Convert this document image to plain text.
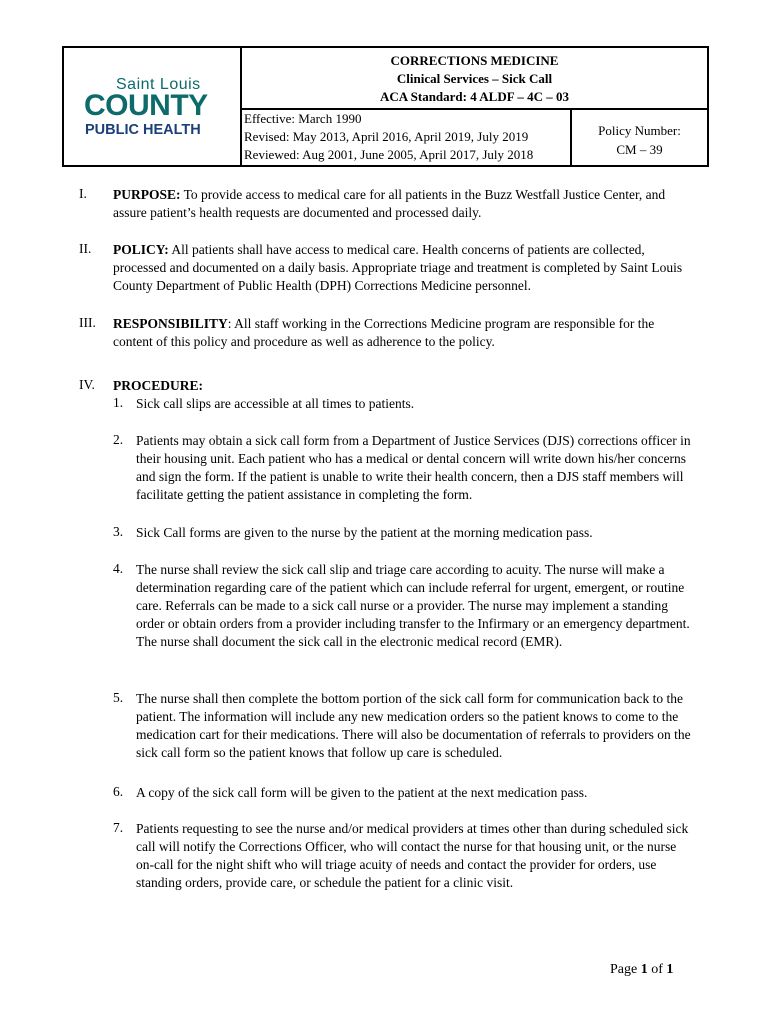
Saint Louis
COUNTY
PUBLIC HEALTH
CORRECTIONS MEDICINE
Clinical Services – Sick Call
ACA Standard: 4 ALDF – 4C – 03
Effective: March 1990
Revised: May 2013, April 2016, April 2019, July 2019
Reviewed: Aug 2001, June 2005, April 2017, July 2018
Policy Number:
CM – 39
I. PURPOSE: To provide access to medical care for all patients in the Buzz Westfall Justice Center, and assure patient’s health requests are documented and processed daily.
II. POLICY: All patients shall have access to medical care. Health concerns of patients are collected, processed and documented on a daily basis. Appropriate triage and treatment is completed by Saint Louis County Department of Public Health (DPH) Corrections Medicine personnel.
III. RESPONSIBILITY: All staff working in the Corrections Medicine program are responsible for the content of this policy and procedure as well as adherence to the policy.
IV. PROCEDURE:
1. Sick call slips are accessible at all times to patients.
2. Patients may obtain a sick call form from a Department of Justice Services (DJS) corrections officer in their housing unit. Each patient who has a medical or dental concern will write down his/her concerns and sign the form. If the patient is unable to write their health concern, then a DJS staff members will facilitate getting the patient assistance in completing the form.
3. Sick Call forms are given to the nurse by the patient at the morning medication pass.
4. The nurse shall review the sick call slip and triage care according to acuity. The nurse will make a determination regarding care of the patient which can include referral for urgent, emergent, or routine care. Referrals can be made to a sick call nurse or a provider. The nurse may implement a standing order or obtain orders from a provider including transfer to the Infirmary or an emergency department. The nurse shall document the sick call in the electronic medical record (EMR).
5. The nurse shall then complete the bottom portion of the sick call form for communication back to the patient. The information will include any new medication orders so the patient knows to come to the medication cart for their medications. There will also be documentation of referrals to providers on the sick call form so the patient knows that follow up care is scheduled.
6. A copy of the sick call form will be given to the patient at the next medication pass.
7. Patients requesting to see the nurse and/or medical providers at times other than during scheduled sick call will notify the Corrections Officer, who will contact the nurse for that housing unit, or the nurse on-call for the night shift who will triage acuity of needs and contact the provider for orders, use standing orders, provide care, or schedule the patient for a clinic visit.
Page 1 of 1
